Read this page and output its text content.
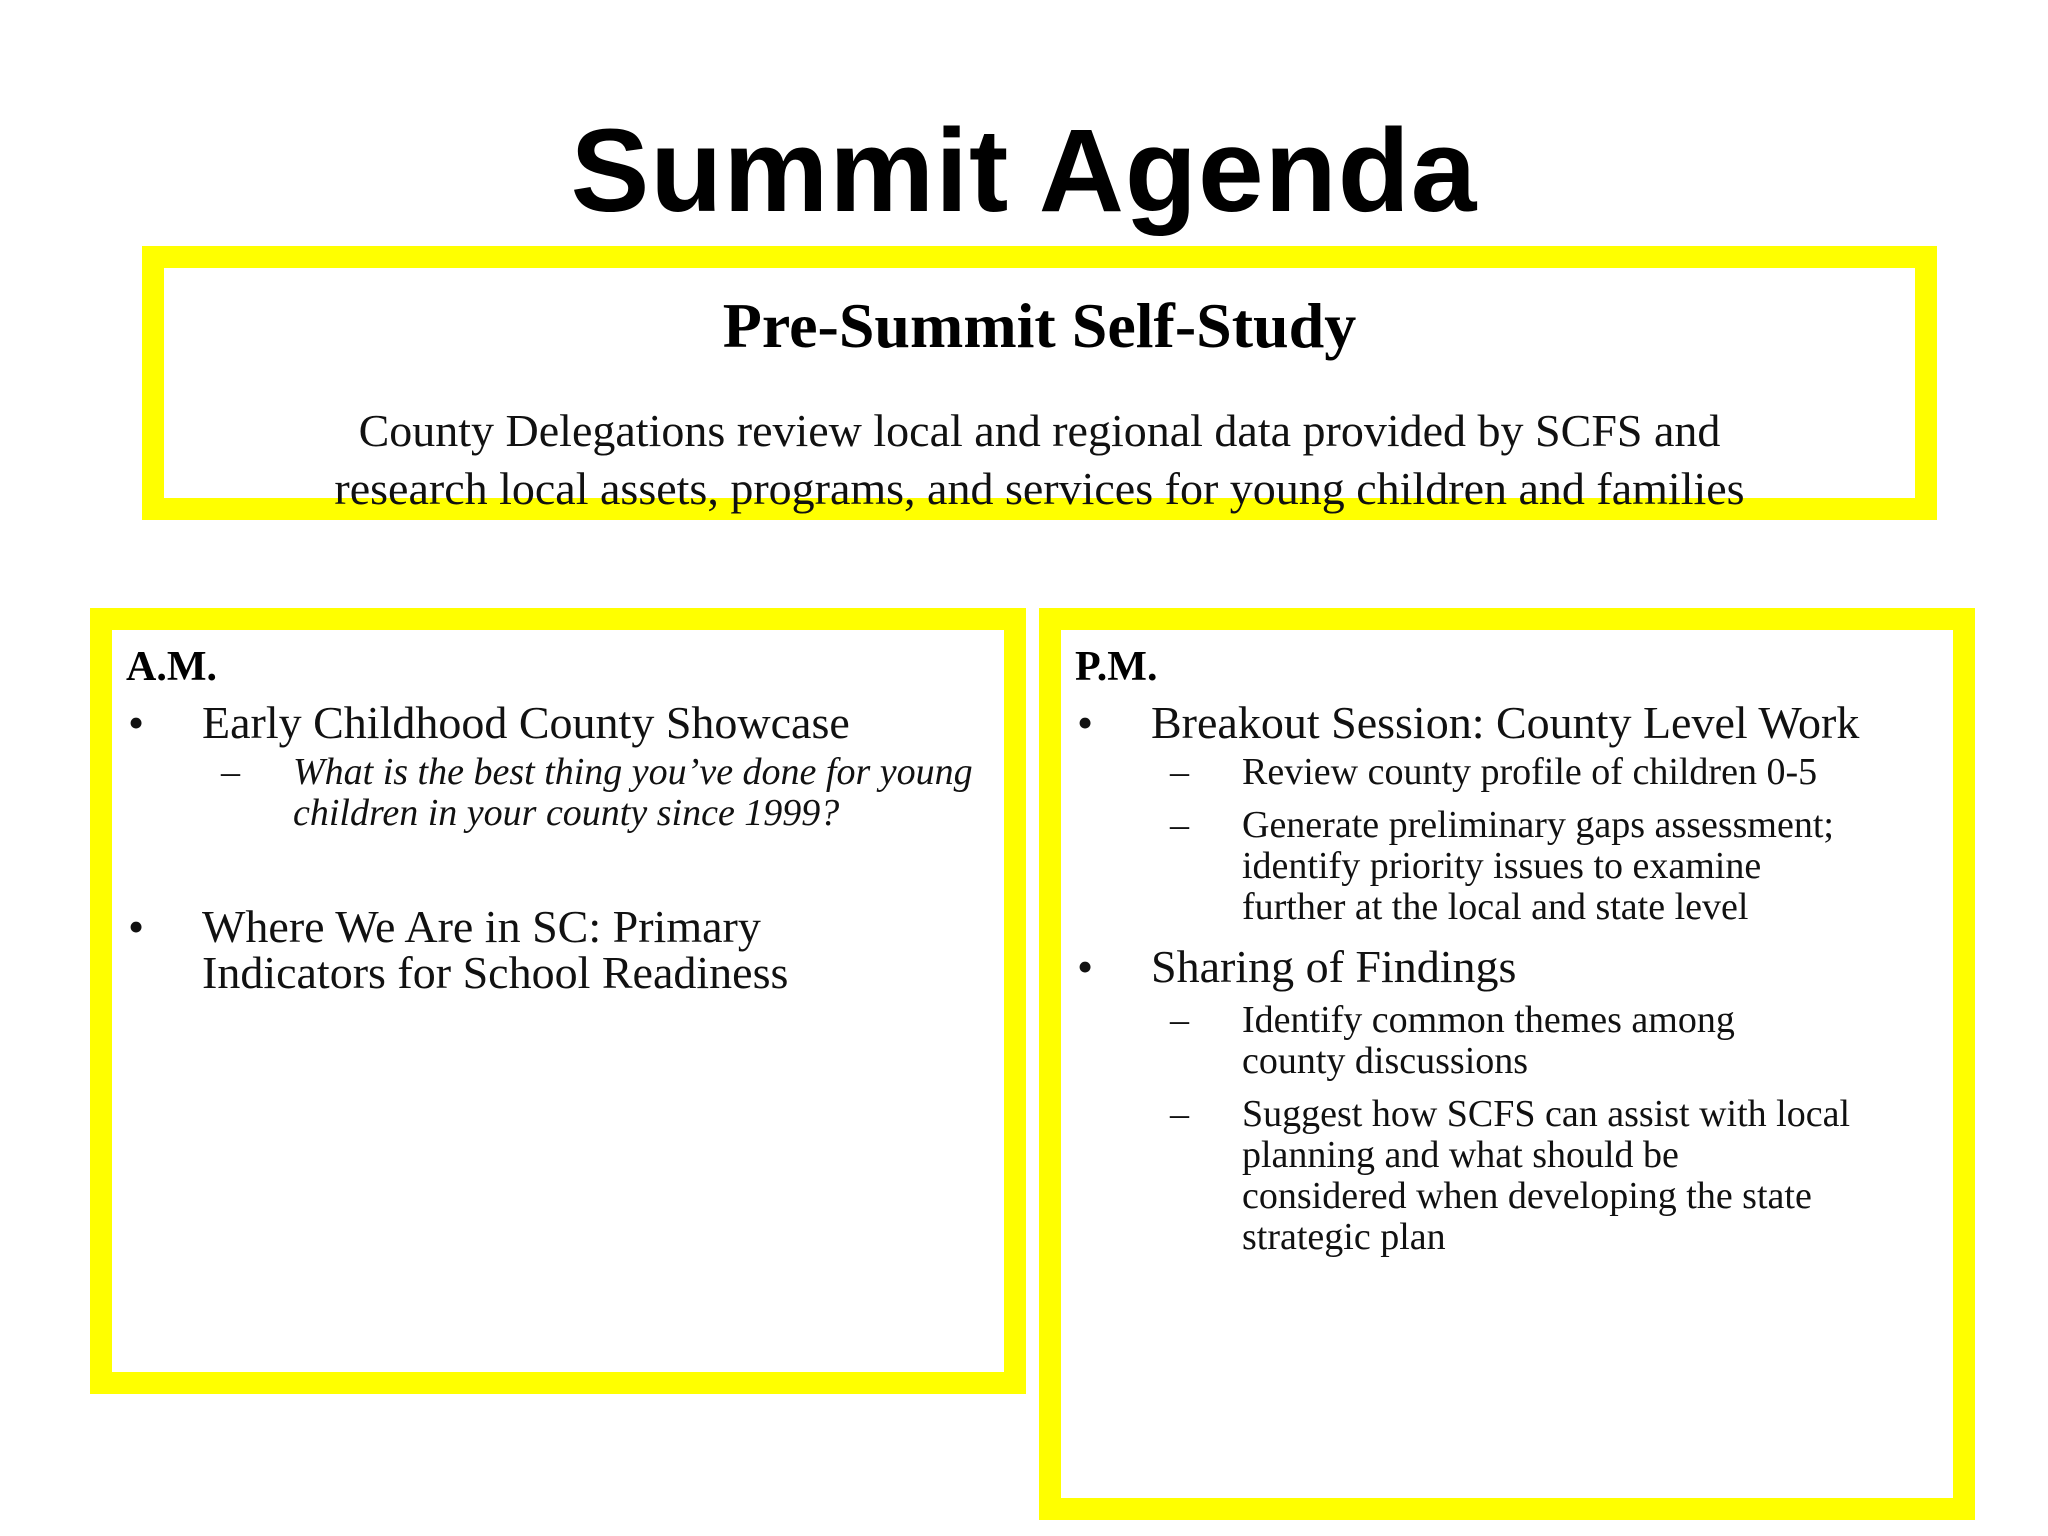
Summit Agenda
Pre-Summit Self-Study

County Delegations review local and regional data provided by SCFS and
research local assets, programs, and services for young children and families

A.M.
• Early Childhood County Showcase
– What is the best thing you’ve done for young
children in your county since 1999?
• Where We Are in SC: Primary
Indicators for School Readiness
P.M.
• Breakout Session: County Level Work
– Review county profile of children 0-5
– Generate preliminary gaps assessment;
identify priority issues to examine
further at the local and state level
• Sharing of Findings
– Identify common themes among
county discussions
– Suggest how SCFS can assist with local
planning and what should be
considered when developing the state
strategic plan
